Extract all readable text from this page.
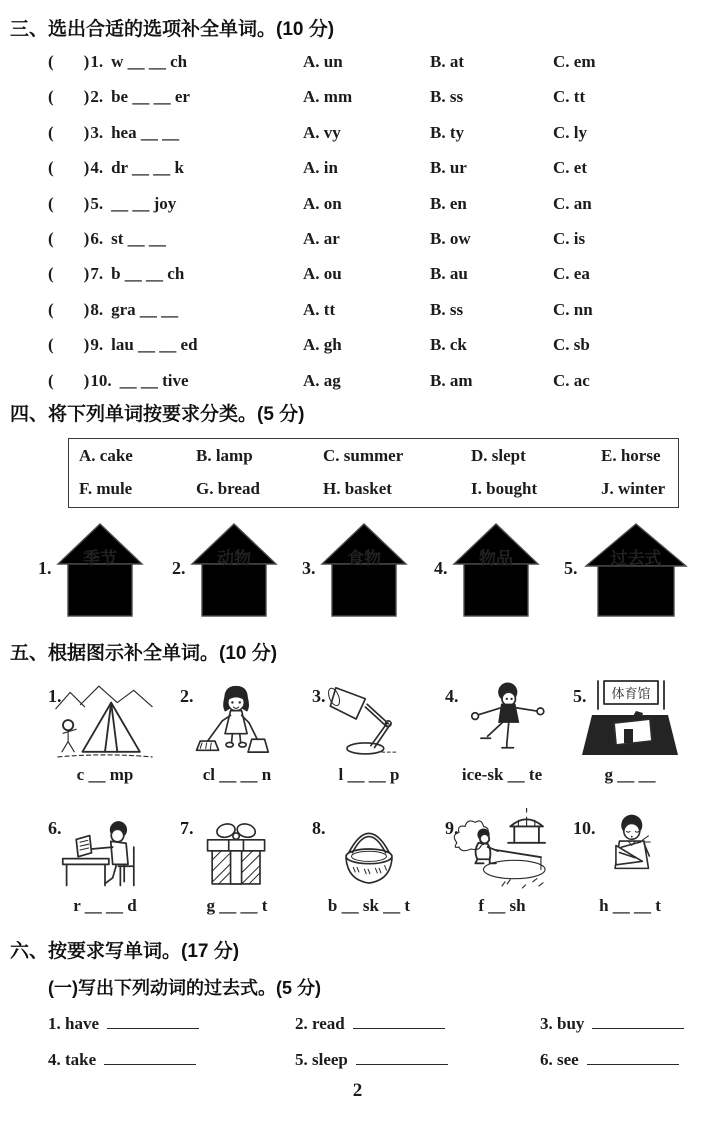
三、选出合适的选项补全单词。(10 分)
( )1. w __ __ ch	A. un	B. at	C. em
( )2. be __ __ er	A. mm	B. ss	C. tt
( )3. hea __ __	A. vy	B. ty	C. ly
( )4. dr __ __ k	A. in	B. ur	C. et
( )5. __ __ joy	A. on	B. en	C. an
( )6. st __ __	A. ar	B. ow	C. is
( )7. b __ __ ch	A. ou	B. au	C. ea
( )8. gra __ __	A. tt	B. ss	C. nn
( )9. lau __ __ ed	A. gh	B. ck	C. sb
( )10. __ __ tive	A. ag	B. am	C. ac
四、将下列单词按要求分类。(5 分)
A. cake	B. lamp	C. summer	D. slept	E. horse
F. mule	G. bread	H. basket	I. bought	J. winter
1.	季节	2.	动物	3.	食物	4.	物品	5.	过去式
五、根据图示补全单词。(10 分)
1.
c __ mp
2.
cl __ __ n
3.
l __ __ p
4.
ice-sk __ te
5. 体育馆
g __ __
6.
r __ __ d
7.
g __ __ t
8.
b __ sk __ t
9.
f __ sh
10.
h __ __ t
六、按要求写单词。(17 分)
(一)写出下列动词的过去式。(5 分)
1. have	2. read	3. buy
4. take	5. sleep	6. see
2
